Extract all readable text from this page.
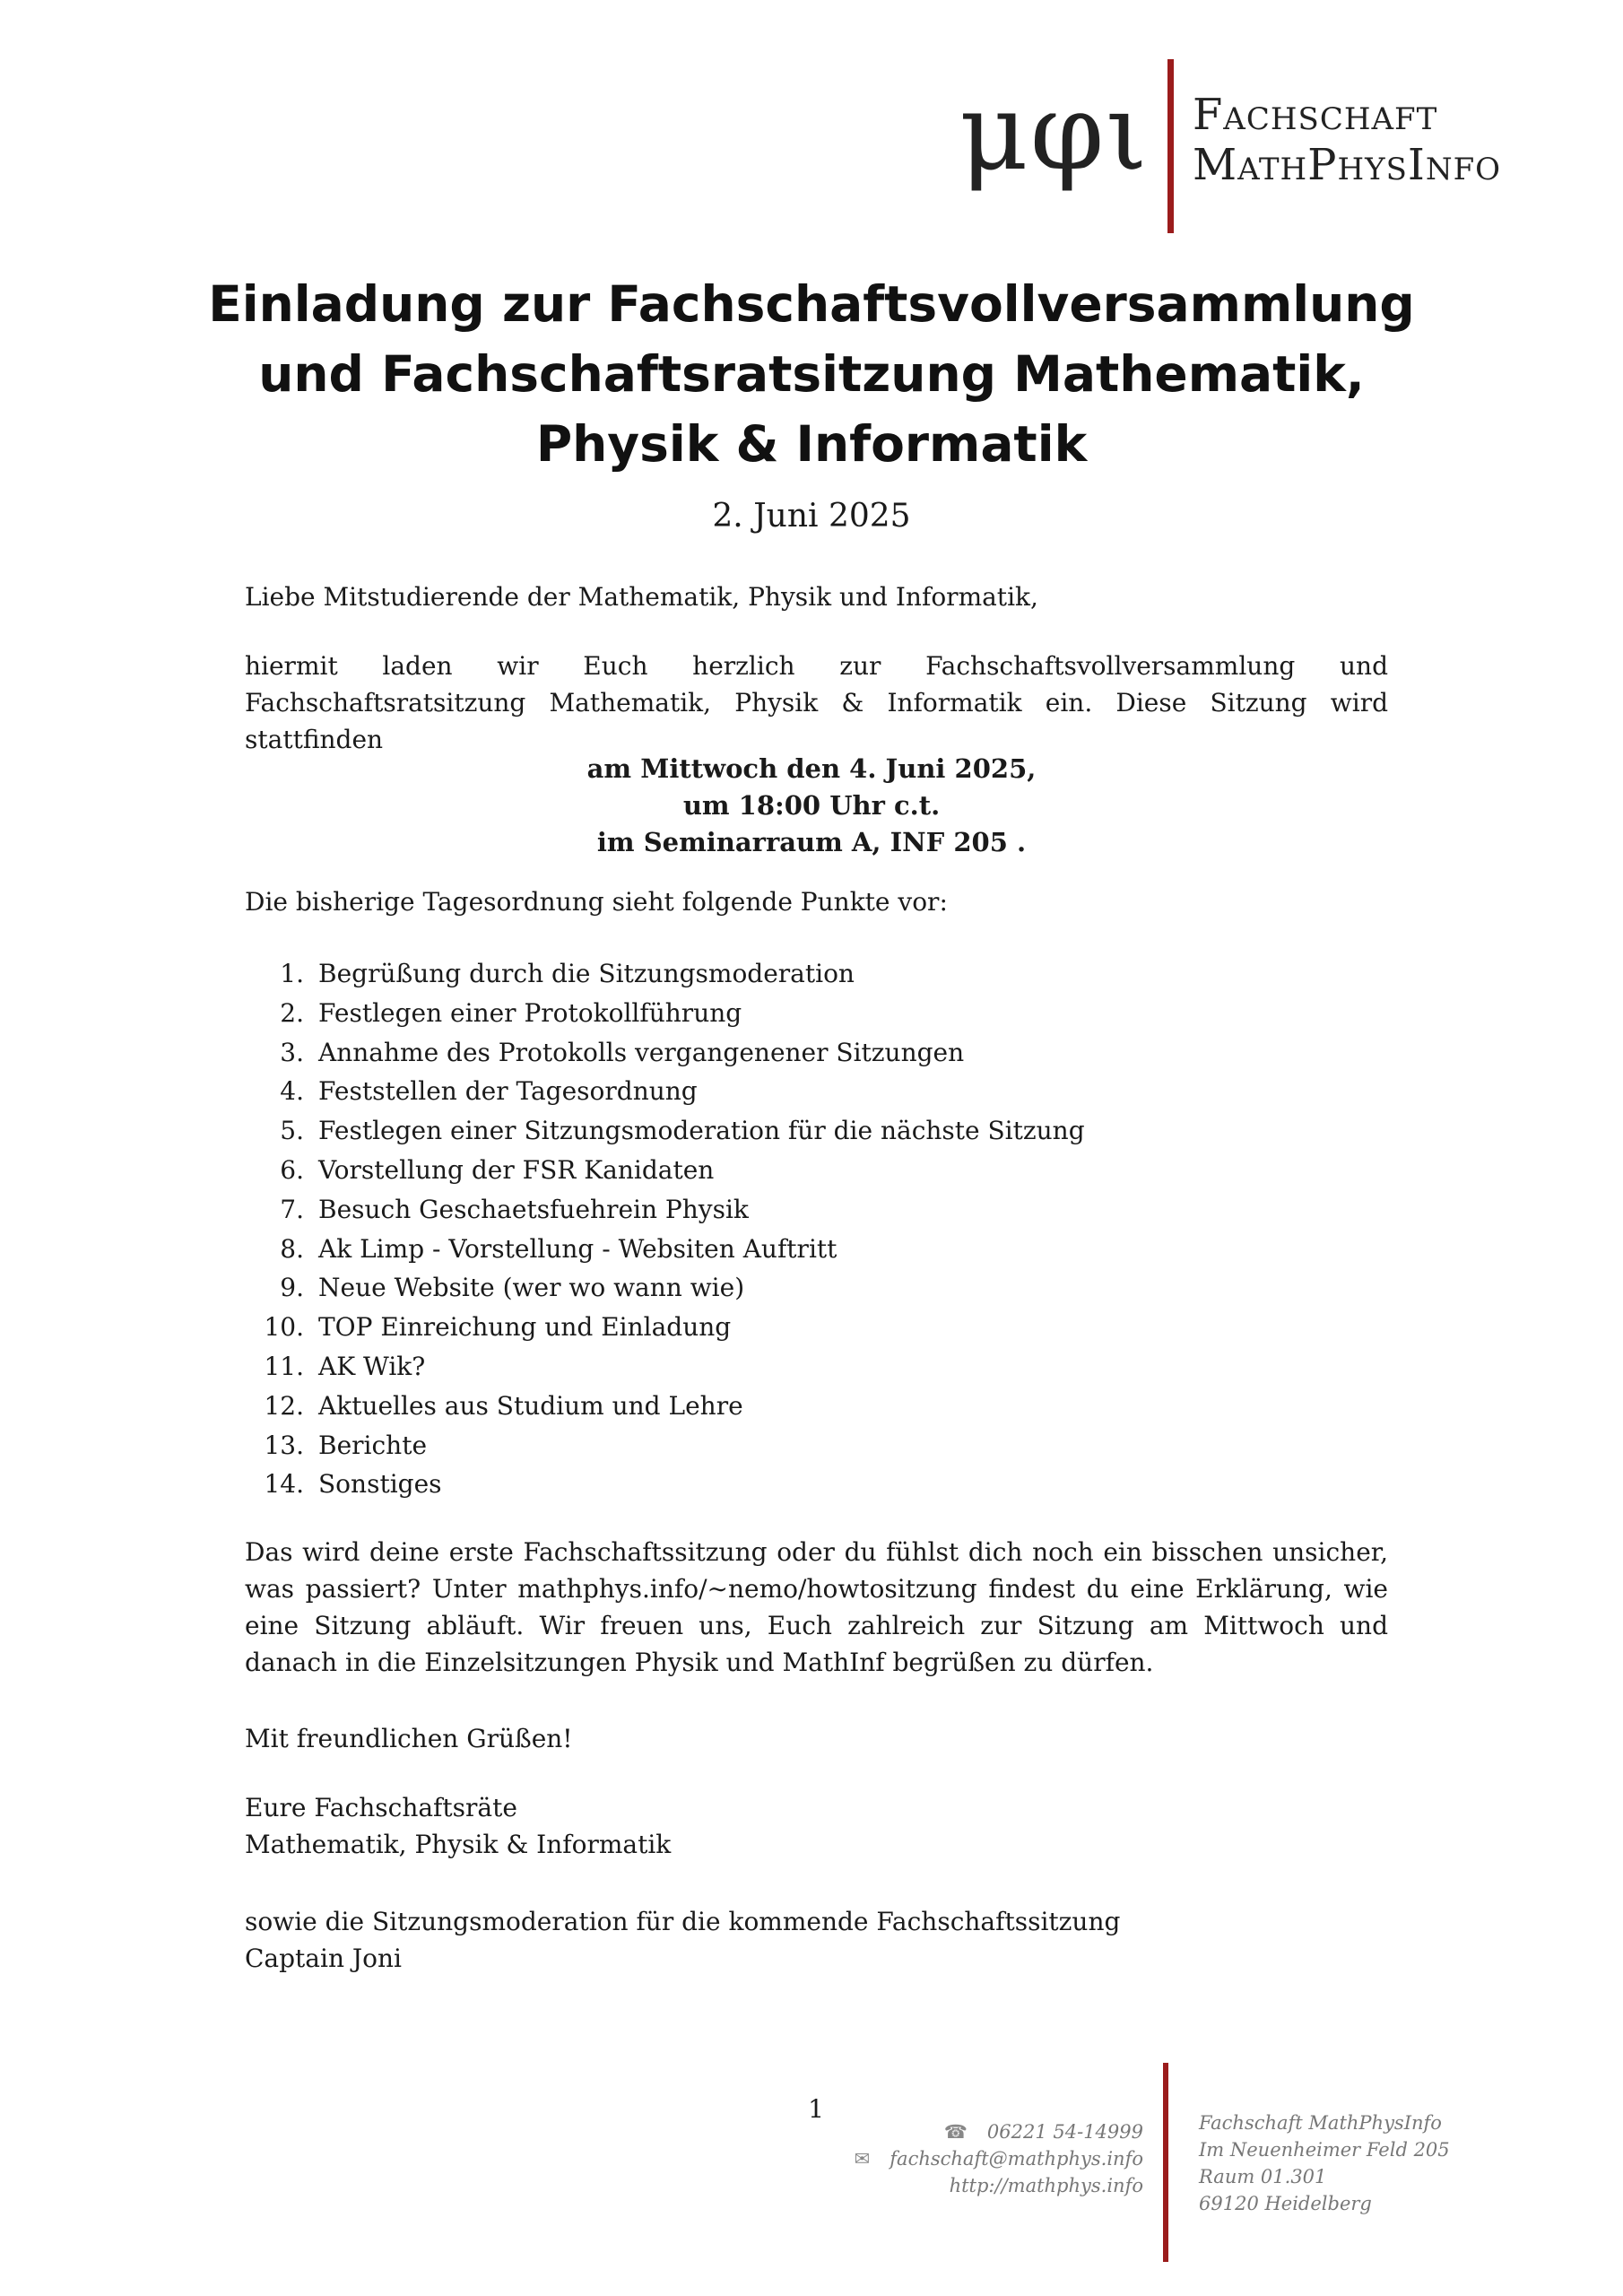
μφι Fachschaft
MathPhysInfo
Einladung zur Fachschaftsvollversammlung
und Fachschaftsratsitzung Mathematik,
Physik & Informatik
2. Juni 2025

Liebe Mitstudierende der Mathematik, Physik und Informatik,

hiermit laden wir Euch herzlich zur Fachschaftsvollversammlung und Fachschaftsratsitzung Mathematik, Physik & Informatik ein. Diese Sitzung wird stattfinden

am Mittwoch den 4. Juni 2025,
um 18:00 Uhr c.t.
im Seminarraum A, INF 205 .

Die bisherige Tagesordnung sieht folgende Punkte vor:

1. Begrüßung durch die Sitzungsmoderation
2. Festlegen einer Protokollführung
3. Annahme des Protokolls vergangenener Sitzungen
4. Feststellen der Tagesordnung
5. Festlegen einer Sitzungsmoderation für die nächste Sitzung
6. Vorstellung der FSR Kanidaten
7. Besuch Geschaetsfuehrein Physik
8. Ak Limp - Vorstellung - Websiten Auftritt
9. Neue Website (wer wo wann wie)
10. TOP Einreichung und Einladung
11. AK Wik?
12. Aktuelles aus Studium und Lehre
13. Berichte
14. Sonstiges

Das wird deine erste Fachschaftssitzung oder du fühlst dich noch ein bisschen unsicher, was passiert? Unter mathphys.info/∼nemo/howtositzung findest du eine Erklärung, wie eine Sitzung abläuft. Wir freuen uns, Euch zahlreich zur Sitzung am Mittwoch und danach in die Einzelsitzungen Physik und MathInf begrüßen zu dürfen.

Mit freundlichen Grüßen!

Eure Fachschaftsräte

Mathematik, Physik & Informatik

sowie die Sitzungsmoderation für die kommende Fachschaftssitzung

Captain Joni

1
☎ 06221 54-14999
✉ fachschaft@mathphys.info
http://mathphys.info
Fachschaft MathPhysInfo
Im Neuenheimer Feld 205
Raum 01.301
69120 Heidelberg
